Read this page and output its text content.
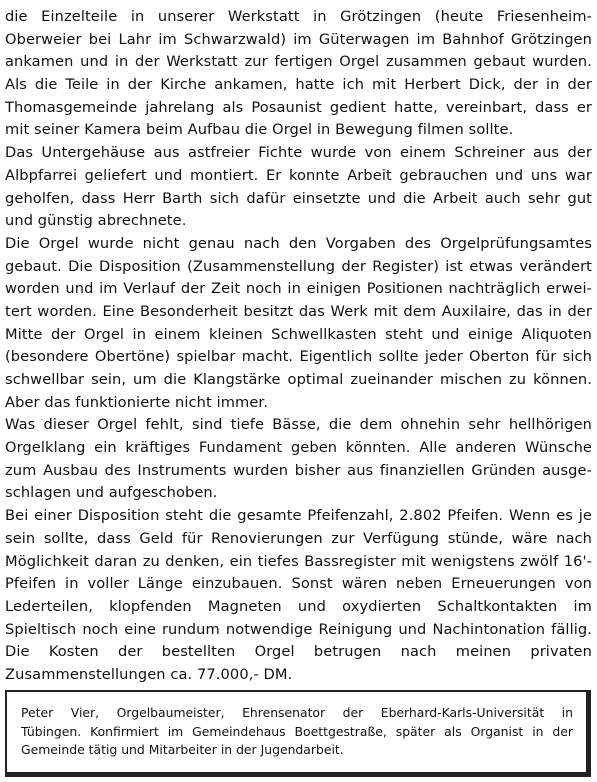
die Einzelteile in unserer Werkstatt in Grötzingen (heute Friesenheim-
Oberweier bei Lahr im Schwarzwald) im Güterwagen im Bahnhof Grötzingen
ankamen und in der Werkstatt zur fertigen Orgel zusammen gebaut wurden.
Als die Teile in der Kirche ankamen, hatte ich mit Herbert Dick, der in der
Thomasgemeinde jahrelang als Posaunist gedient hatte, vereinbart, dass er
mit seiner Kamera beim Aufbau die Orgel in Bewegung filmen sollte.
Das Untergehäuse aus astfreier Fichte wurde von einem Schreiner aus der
Albpfarrei geliefert und montiert. Er konnte Arbeit gebrauchen und uns war
geholfen, dass Herr Barth sich dafür einsetzte und die Arbeit auch sehr gut
und günstig abrechnete.
Die Orgel wurde nicht genau nach den Vorgaben des Orgelprüfungsamtes
gebaut. Die Disposition (Zusammenstellung der Register) ist etwas verändert
worden und im Verlauf der Zeit noch in einigen Positionen nachträglich erwei-
tert worden. Eine Besonderheit besitzt das Werk mit dem Auxilaire, das in der
Mitte der Orgel in einem kleinen Schwellkasten steht und einige Aliquoten
(besondere Obertöne) spielbar macht. Eigentlich sollte jeder Oberton für sich
schwellbar sein, um die Klangstärke optimal zueinander mischen zu können.
Aber das funktionierte nicht immer.
Was dieser Orgel fehlt, sind tiefe Bässe, die dem ohnehin sehr hellhörigen
Orgelklang ein kräftiges Fundament geben könnten. Alle anderen Wünsche
zum Ausbau des Instruments wurden bisher aus finanziellen Gründen ausge-
schlagen und aufgeschoben.
Bei einer Disposition steht die gesamte Pfeifenzahl, 2.802 Pfeifen. Wenn es je
sein sollte, dass Geld für Renovierungen zur Verfügung stünde, wäre nach
Möglichkeit daran zu denken, ein tiefes Bassregister mit wenigstens zwölf 16'-
Pfeifen in voller Länge einzubauen. Sonst wären neben Erneuerungen von
Lederteilen, klopfenden Magneten und oxydierten Schaltkontakten im
Spieltisch noch eine rundum notwendige Reinigung und Nachintonation fällig.
Die Kosten der bestellten Orgel betrugen nach meinen privaten
Zusammenstellungen ca. 77.000,- DM.
Peter Vier, Orgelbaumeister, Ehrensenator der Eberhard-Karls-Universität in
Tübingen. Konfirmiert im Gemeindehaus Boettgestraße, später als Organist in der
Gemeinde tätig und Mitarbeiter in der Jugendarbeit.
